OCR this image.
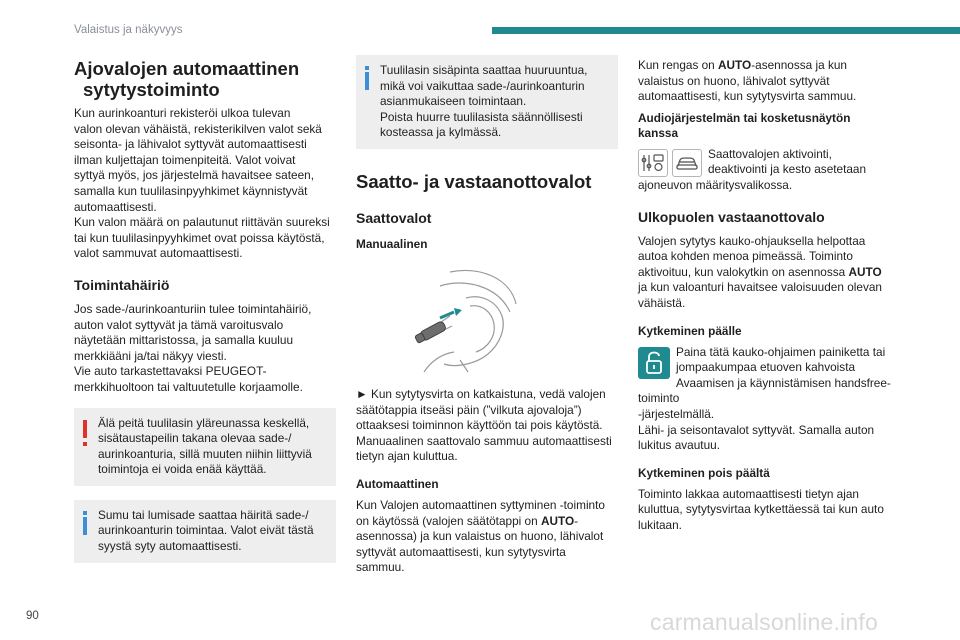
Valaistus ja näkyvyys
Ajovalojen automaattinen
sytytystoiminto

Kun aurinkoanturi rekisteröi ulkoa tulevan
valon olevan vähäistä, rekisterikilven valot sekä
seisonta- ja lähivalot syttyvät automaattisesti
ilman kuljettajan toimenpiteitä. Valot voivat
syttyä myös, jos järjestelmä havaitsee sateen,
samalla kun tuulilasinpyyhkimet käynnistyvät
automaattisesti.
Kun valon määrä on palautunut riittävän suureksi
tai kun tuulilasinpyyhkimet ovat poissa käytöstä,
valot sammuvat automaattisesti.

Toimintahäiriö

Jos sade-/aurinkoanturiin tulee toimintahäiriö,
auton valot syttyvät ja tämä varoitusvalo
näytetään mittaristossa, ja samalla kuuluu
merkkiääni ja/tai näkyy viesti.
Vie auto tarkastettavaksi PEUGEOT-
merkkihuoltoon tai valtuutetulle korjaamolle.

Älä peitä tuulilasin yläreunassa keskellä,
sisätaustapeilin takana olevaa sade-/
aurinkoanturia, sillä muuten niihin liittyviä
toimintoja ei voida enää käyttää.

Sumu tai lumisade saattaa häiritä sade-/
aurinkoanturin toimintaa. Valot eivät tästä
syystä syty automaattisesti.

Tuulilasin sisäpinta saattaa huuruuntua,
mikä voi vaikuttaa sade-/aurinkoanturin
asianmukaiseen toimintaan.
Poista huurre tuulilasista säännöllisesti
kosteassa ja kylmässä.

Saatto- ja vastaanottovalot
Saattovalot
Manuaalinen

► Kun sytytysvirta on katkaistuna, vedä valojen
säätötappia itseäsi päin (”vilkuta ajovaloja”)
ottaaksesi toiminnon käyttöön tai pois käytöstä.
Manuaalinen saattovalo sammuu automaattisesti
tietyn ajan kuluttua.

Automaattinen

Kun Valojen automaattinen syttyminen -toiminto
on käytössä (valojen säätötappi on AUTO-
asennossa) ja kun valaistus on huono, lähivalot
syttyvät automaattisesti, kun sytytysvirta
sammuu.

Kun rengas on AUTO-asennossa ja kun
valaistus on huono, lähivalot syttyvät
automaattisesti, kun sytytysvirta sammuu.

Audiojärjestelmän tai kosketusnäytön
kanssa

Saattovalojen aktivointi,
deaktivointi ja kesto asetetaan
ajoneuvon määritysvalikossa.

Ulkopuolen vastaanottovalo

Valojen sytytys kauko-ohjauksella helpottaa
autoa kohden menoa pimeässä. Toiminto
aktivoituu, kun valokytkin on asennossa AUTO
ja kun valoanturi havaitsee valoisuuden olevan
vähäistä.

Kytkeminen päälle

Paina tätä kauko-ohjaimen painiketta tai
jompaakumpaa etuoven kahvoista
Avaamisen ja käynnistämisen handsfree-toiminto
-järjestelmällä.
Lähi- ja seisontavalot syttyvät. Samalla auton
lukitus avautuu.

Kytkeminen pois päältä

Toiminto lakkaa automaattisesti tietyn ajan
kuluttua, sytytysvirtaa kytkettäessä tai kun auto
lukitaan.

90	carmanualsonline.info
